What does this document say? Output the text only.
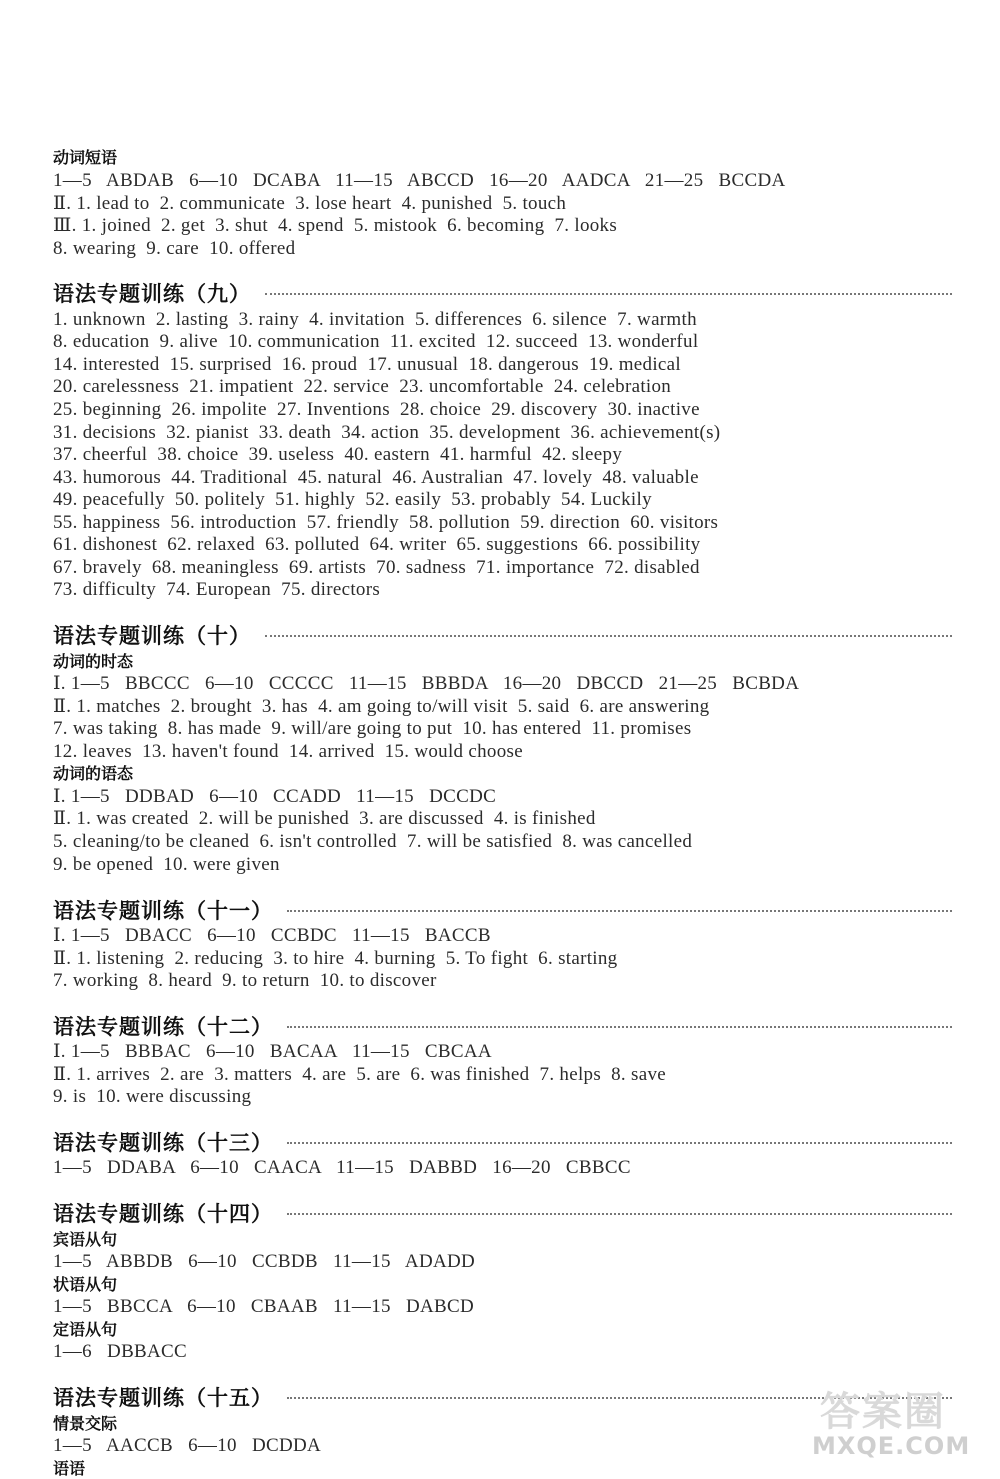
动词短语
1—5   ABDAB   6—10   DCABA   11—15   ABCCD   16—20   AADCA   21—25   BCCDA
Ⅱ. 1. lead to  2. communicate  3. lose heart  4. punished  5. touch
Ⅲ. 1. joined  2. get  3. shut  4. spend  5. mistook  6. becoming  7. looks
8. wearing  9. care  10. offered
语法专题训练（九）
1. unknown  2. lasting  3. rainy  4. invitation  5. differences  6. silence  7. warmth
8. education  9. alive  10. communication  11. excited  12. succeed  13. wonderful
14. interested  15. surprised  16. proud  17. unusual  18. dangerous  19. medical
20. carelessness  21. impatient  22. service  23. uncomfortable  24. celebration
25. beginning  26. impolite  27. Inventions  28. choice  29. discovery  30. inactive
31. decisions  32. pianist  33. death  34. action  35. development  36. achievement(s)
37. cheerful  38. choice  39. useless  40. eastern  41. harmful  42. sleepy
43. humorous  44. Traditional  45. natural  46. Australian  47. lovely  48. valuable
49. peacefully  50. politely  51. highly  52. easily  53. probably  54. Luckily
55. happiness  56. introduction  57. friendly  58. pollution  59. direction  60. visitors
61. dishonest  62. relaxed  63. polluted  64. writer  65. suggestions  66. possibility
67. bravely  68. meaningless  69. artists  70. sadness  71. importance  72. disabled
73. difficulty  74. European  75. directors
语法专题训练（十）
动词的时态
Ⅰ. 1—5   BBCCC   6—10   CCCCC   11—15   BBBDA   16—20   DBCCD   21—25   BCBDA
Ⅱ. 1. matches  2. brought  3. has  4. am going to/will visit  5. said  6. are answering
7. was taking  8. has made  9. will/are going to put  10. has entered  11. promises
12. leaves  13. haven't found  14. arrived  15. would choose
动词的语态
Ⅰ. 1—5   DDBAD   6—10   CCADD   11—15   DCCDC
Ⅱ. 1. was created  2. will be punished  3. are discussed  4. is finished
5. cleaning/to be cleaned  6. isn't controlled  7. will be satisfied  8. was cancelled
9. be opened  10. were given
语法专题训练（十一）
Ⅰ. 1—5   DBACC   6—10   CCBDC   11—15   BACCB
Ⅱ. 1. listening  2. reducing  3. to hire  4. burning  5. To fight  6. starting
7. working  8. heard  9. to return  10. to discover
语法专题训练（十二）
Ⅰ. 1—5   BBBAC   6—10   BACAA   11—15   CBCAA
Ⅱ. 1. arrives  2. are  3. matters  4. are  5. are  6. was finished  7. helps  8. save
9. is  10. were discussing
语法专题训练（十三）
1—5   DDABA   6—10   CAACA   11—15   DABBD   16—20   CBBCC
语法专题训练（十四）
宾语从句
1—5   ABBDB   6—10   CCBDB   11—15   ADADD
状语从句
1—5   BBCCA   6—10   CBAAB   11—15   DABCD
定语从句
1—6   DBBACC
语法专题训练（十五）
情景交际
1—5   AACCB   6—10   DCDDA
语语
答案圈
MXQE.COM
